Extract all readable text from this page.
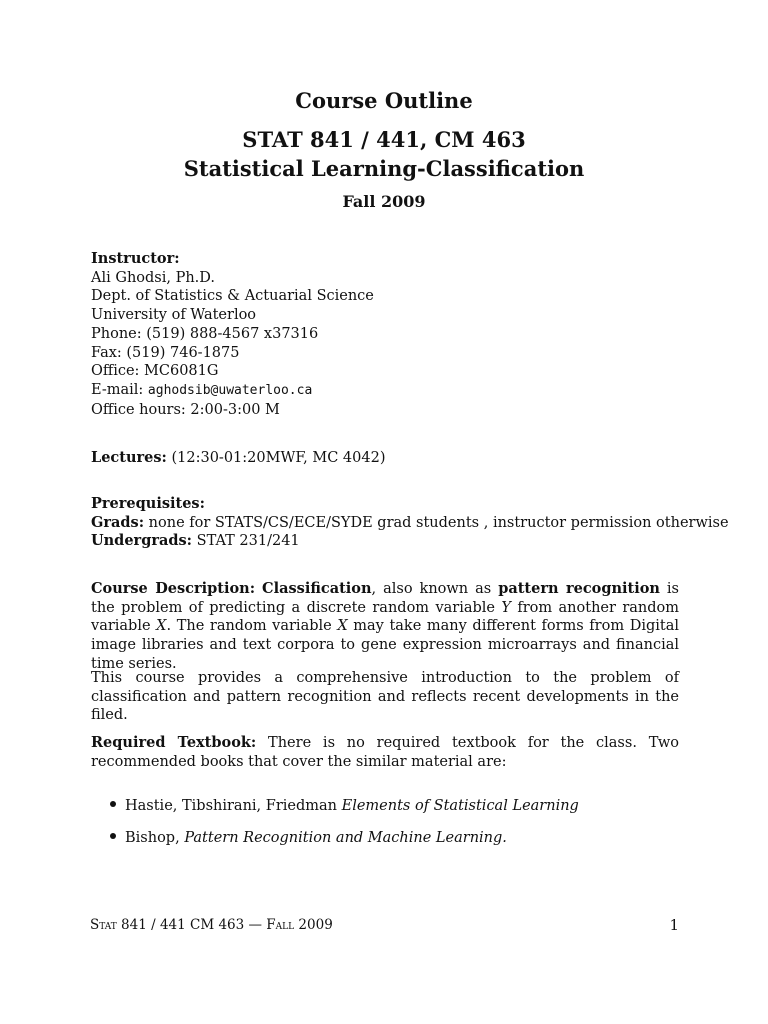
Course Outline
STAT 841 / 441, CM 463
Statistical Learning-Classification
Fall 2009
Instructor:
Ali Ghodsi, Ph.D.
Dept. of Statistics & Actuarial Science
University of Waterloo
Phone: (519) 888-4567 x37316
Fax: (519) 746-1875
Office: MC6081G
E-mail: aghodsib@uwaterloo.ca
Office hours: 2:00-3:00 M
Lectures: (12:30-01:20MWF, MC 4042)
Prerequisites:
Grads: none for STATS/CS/ECE/SYDE grad students , instructor permission otherwise
Undergrads: STAT 231/241

Course Description: Classification, also known as pattern recognition is the problem of predicting a discrete random variable Y from another random variable X. The random variable X may take many different forms from Digital image libraries and text corpora to gene expression microarrays and financial time series.

This course provides a comprehensive introduction to the problem of classification and pattern recognition and reflects recent developments in the filed.

Required Textbook: There is no required textbook for the class. Two recommended books that cover the similar material are:

Hastie, Tibshirani, Friedman Elements of Statistical Learning
Bishop, Pattern Recognition and Machine Learning.
Stat 841 / 441 CM 463 — Fall 2009	1
